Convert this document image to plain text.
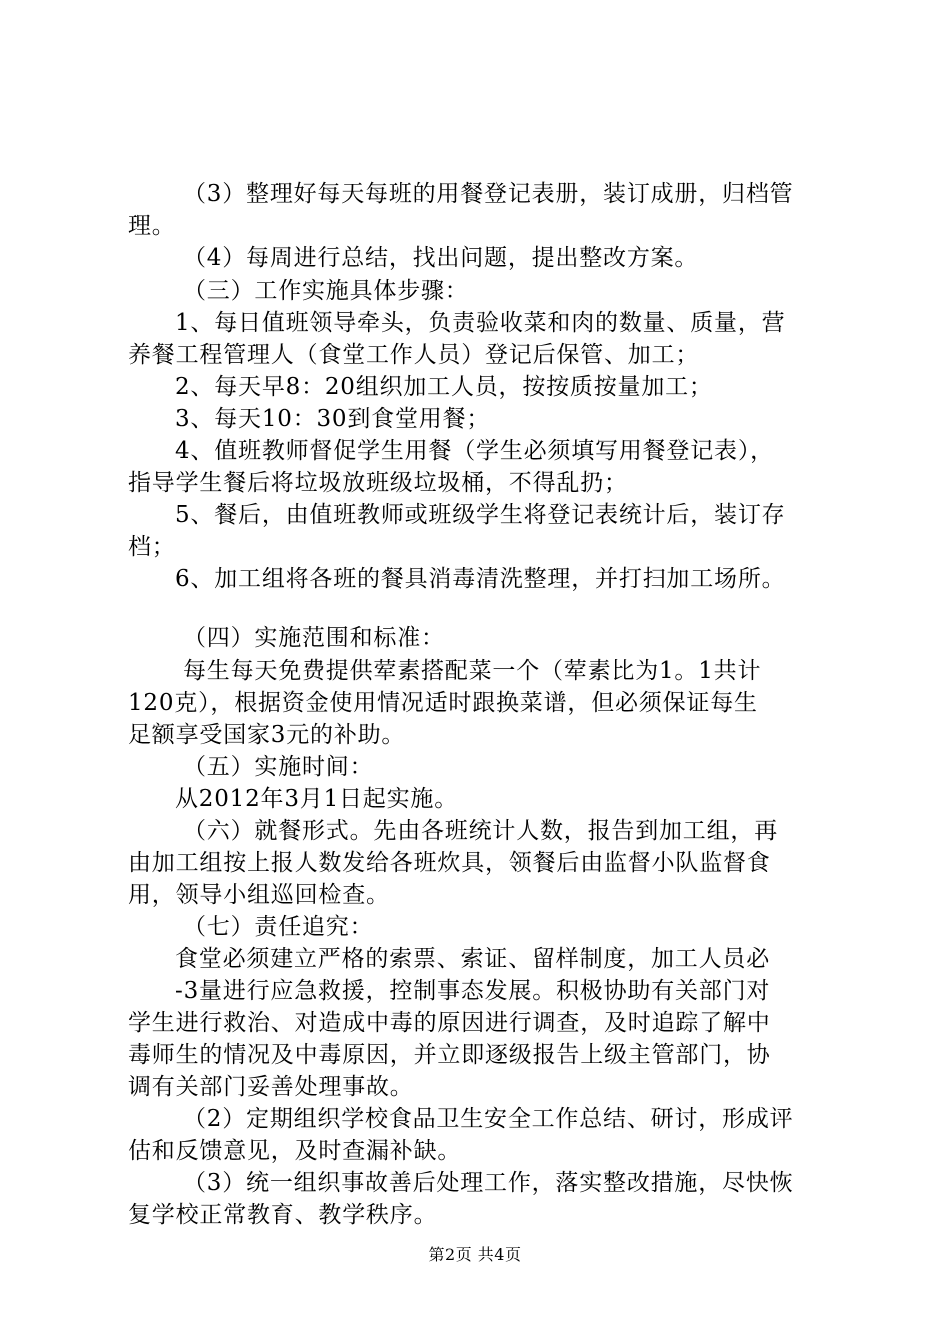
（3）整理好每天每班的用餐登记表册，装订成册，归档管
理。
（4）每周进行总结，找出问题，提出整改方案。
（三）工作实施具体步骤：
1、每日值班领导牵头，负责验收菜和肉的数量、质量，营
养餐工程管理人（食堂工作人员）登记后保管、加工；
2、每天早8：20组织加工人员，按按质按量加工；
3、每天10：30到食堂用餐；
4、值班教师督促学生用餐（学生必须填写用餐登记表），
指导学生餐后将垃圾放班级垃圾桶，不得乱扔；
5、餐后，由值班教师或班级学生将登记表统计后，装订存
档；
6、加工组将各班的餐具消毒清洗整理，并打扫加工场所。
（四）实施范围和标准：
每生每天免费提供荤素搭配菜一个（荤素比为1。1共计
120克），根据资金使用情况适时跟换菜谱，但必须保证每生
足额享受国家3元的补助。
（五）实施时间：
从2012年3月1日起实施。
（六）就餐形式。先由各班统计人数，报告到加工组，再
由加工组按上报人数发给各班炊具，领餐后由监督小队监督食
用，领导小组巡回检查。
（七）责任追究：
食堂必须建立严格的索票、索证、留样制度，加工人员必
-3量进行应急救援，控制事态发展。积极协助有关部门对
学生进行救治、对造成中毒的原因进行调查，及时追踪了解中
毒师生的情况及中毒原因，并立即逐级报告上级主管部门，协
调有关部门妥善处理事故。
（2）定期组织学校食品卫生安全工作总结、研讨，形成评
估和反馈意见，及时查漏补缺。
（3）统一组织事故善后处理工作，落实整改措施，尽快恢
复学校正常教育、教学秩序。
第2页 共4页
